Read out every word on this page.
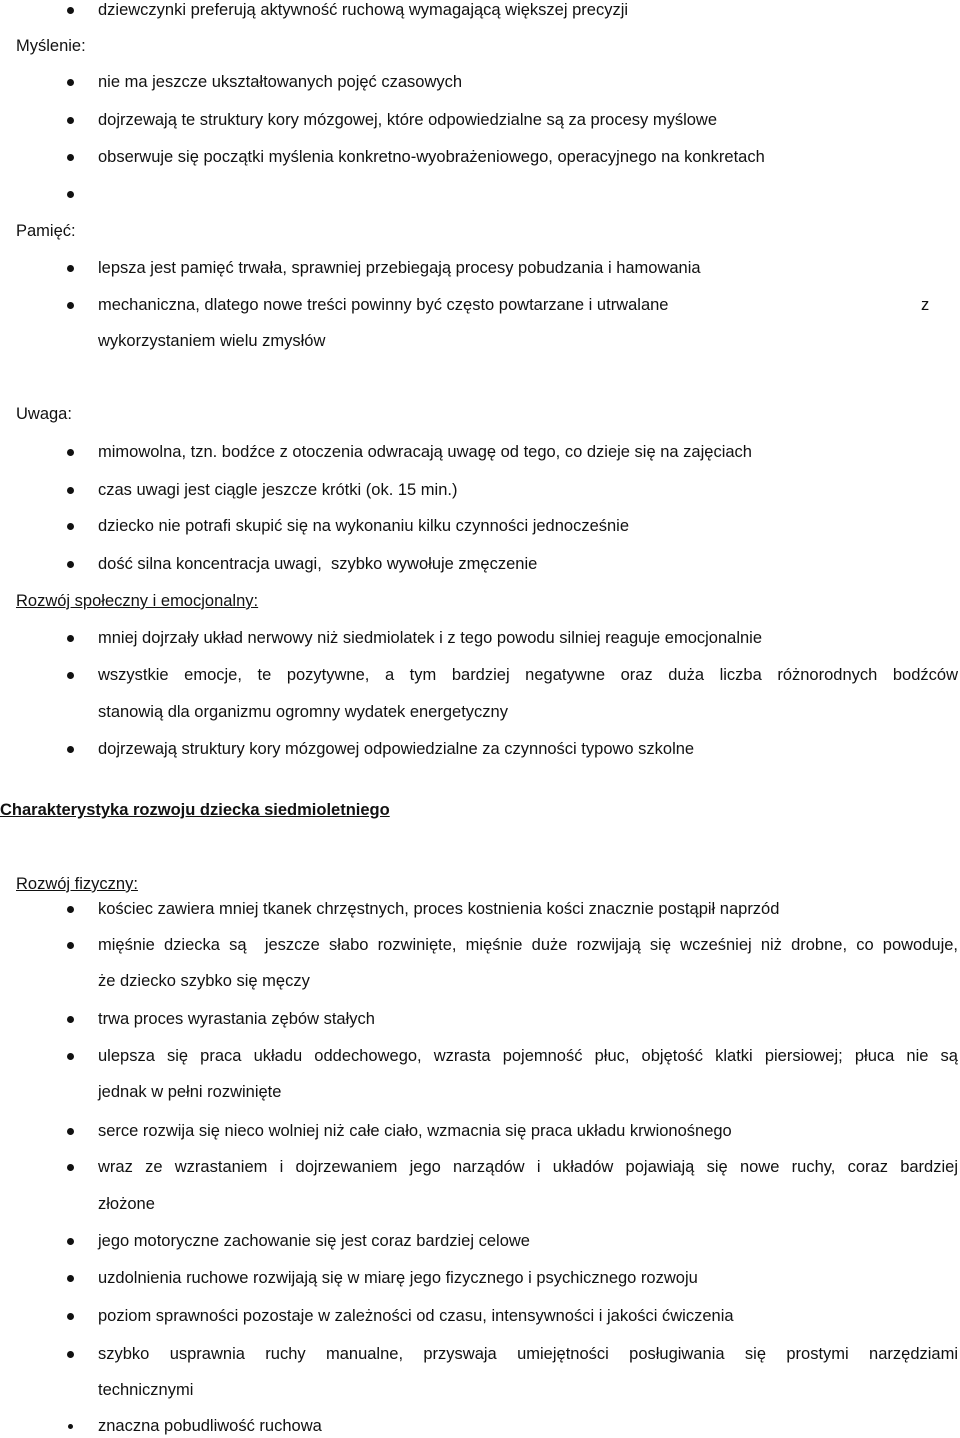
dziewczynki preferują aktywność ruchową wymagającą większej precyzji
Myślenie:
nie ma jeszcze ukształtowanych pojęć czasowych
dojrzewają te struktury kory mózgowej, które odpowiedzialne są za procesy myślowe
obserwuje się początki myślenia konkretno-wyobrażeniowego, operacyjnego na konkretach
Pamięć:
lepsza jest pamięć trwała, sprawniej przebiegają procesy pobudzania i hamowania
mechaniczna, dlatego nowe treści powinny być często powtarzane i utrwalane	z
wykorzystaniem wielu zmysłów
Uwaga:
mimowolna, tzn. bodźce z otoczenia odwracają uwagę od tego, co dzieje się na zajęciach
czas uwagi jest ciągle jeszcze krótki (ok. 15 min.)
dziecko nie potrafi skupić się na wykonaniu kilku czynności jednocześnie
dość silna koncentracja uwagi,  szybko wywołuje zmęczenie
Rozwój społeczny i emocjonalny:
mniej dojrzały układ nerwowy niż siedmiolatek i z tego powodu silniej reaguje emocjonalnie
wszystkie emocje, te pozytywne, a tym bardziej negatywne oraz duża liczba różnorodnych bodźców
stanowią dla organizmu ogromny wydatek energetyczny
dojrzewają struktury kory mózgowej odpowiedzialne za czynności typowo szkolne
Charakterystyka rozwoju dziecka siedmioletniego
Rozwój fizyczny:
kościec zawiera mniej tkanek chrzęstnych, proces kostnienia kości znacznie postąpił naprzód
mięśnie dziecka są  jeszcze słabo rozwinięte, mięśnie duże rozwijają się wcześniej niż drobne, co powoduje,
że dziecko szybko się męczy
trwa proces wyrastania zębów stałych
ulepsza się praca układu oddechowego, wzrasta pojemność płuc, objętość klatki piersiowej; płuca nie są
jednak w pełni rozwinięte
serce rozwija się nieco wolniej niż całe ciało, wzmacnia się praca układu krwionośnego
wraz ze wzrastaniem i dojrzewaniem jego narządów i układów pojawiają się nowe ruchy, coraz bardziej
złożone
jego motoryczne zachowanie się jest coraz bardziej celowe
uzdolnienia ruchowe rozwijają się w miarę jego fizycznego i psychicznego rozwoju
poziom sprawności pozostaje w zależności od czasu, intensywności i jakości ćwiczenia
szybko usprawnia ruchy manualne, przyswaja umiejętności posługiwania się prostymi narzędziami
technicznymi
znaczna pobudliwość ruchowa
